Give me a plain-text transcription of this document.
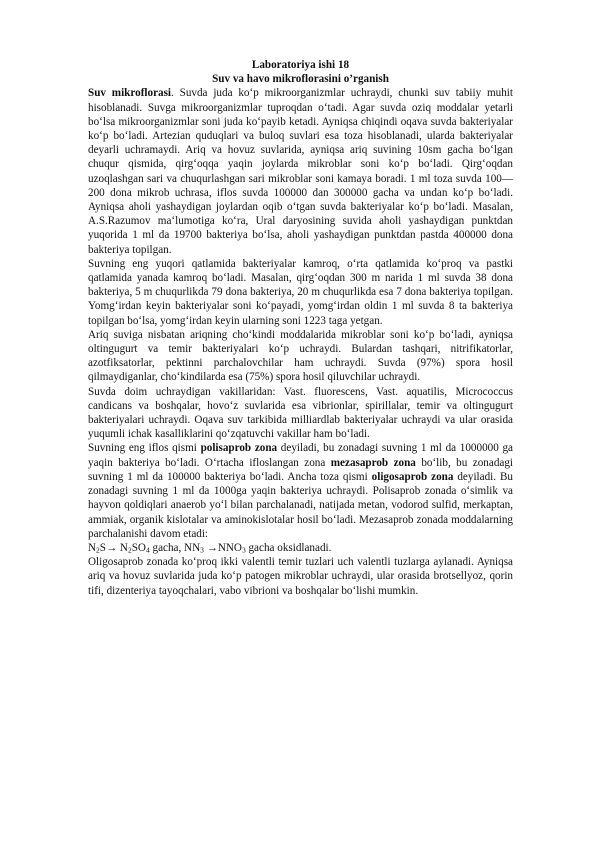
Laboratoriya ishi 18

Suv va havo mikroflorasini o’rganish

Suv mikroflorasi. Suvda juda ko‘p mikroorganizmlar uchraydi, chunki suv tabiiy muhit hisoblanadi. Suvga mikroorganizmlar tuproqdan o‘tadi. Agar suvda oziq moddalar yetarli bo‘lsa mikroorganizmlar soni juda ko‘payib ketadi. Ayniqsa chiqindi oqava suvda bakteriyalar ko‘p bo‘ladi. Artezian quduqlari va buloq suvlari esa toza hisoblanadi, ularda bakteriyalar deyarli uchramaydi. Ariq va hovuz suvlarida, ayniqsa ariq suvining 10sm gacha bo‘lgan chuqur qismida, qirg‘oqqa yaqin joylarda mikroblar soni ko‘p bo‘ladi. Qirg‘oqdan uzoqlashgan sari va chuqurlashgan sari mikroblar soni kamaya boradi. 1 ml toza suvda 100—200 dona mikrob uchrasa, iflos suvda 100000 dan 300000 gacha va undan ko‘p bo‘ladi. Ayniqsa aholi yashaydigan joylardan oqib o‘tgan suvda bakteriyalar ko‘p bo‘ladi. Masalan, A.S.Razumov ma‘lumotiga ko‘ra, Ural daryosining suvida aholi yashaydigan punktdan yuqorida 1 ml da 19700 bakteriya bo‘lsa, aholi yashaydigan punktdan pastda 400000 dona bakteriya topilgan.

Suvning eng yuqori qatlamida bakteriyalar kamroq, o‘rta qatlamida ko‘proq va pastki qatlamida yanada kamroq bo‘ladi. Masalan, qirg‘oqdan 300 m narida 1 ml suvda 38 dona bakteriya, 5 m chuqurlikda 79 dona bakteriya, 20 m chuqurlikda esa 7 dona bakteriya topilgan. Yomg‘irdan keyin bakteriyalar soni ko‘payadi, yomg‘irdan oldin 1 ml suvda 8 ta bakteriya topilgan bo‘lsa, yomg‘irdan keyin ularning soni 1223 taga yetgan.

Ariq suviga nisbatan ariqning cho‘kindi moddalarida mikroblar soni ko‘p bo‘ladi, ayniqsa oltingugurt va temir bakteriyalari ko‘p uchraydi. Bulardan tashqari, nitrifikatorlar, azotfiksatorlar, pektinni parchalovchilar ham uchraydi. Suvda (97%) spora hosil qilmaydiganlar, cho‘kindilarda esa (75%) spora hosil qiluvchilar uchraydi.

Suvda doim uchraydigan vakillaridan: Vast. fluorescens, Vast. aquatilis, Micrococcus candicans va boshqalar, hovo‘z suvlarida esa vibrionlar, spirillalar, temir va oltingugurt bakteriyalari uchraydi. Oqava suv tarkibida milliardlab bakteriyalar uchraydi va ular orasida yuqumli ichak kasalliklarini qo‘zqatuvchi vakillar ham bo‘ladi.

Suvning eng iflos qismi polisaprob zona deyiladi, bu zonadagi suvning 1 ml da 1000000 ga yaqin bakteriya bo‘ladi. O‘rtacha ifloslangan zona mezasaprob zona bo‘lib, bu zonadagi suvning 1 ml da 100000 bakteriya bo‘ladi. Ancha toza qismi oligosaprob zona deyiladi. Bu zonadagi suvning 1 ml da 1000ga yaqin bakteriya uchraydi. Polisaprob zonada o‘simlik va hayvon qoldiqlari anaerob yo‘l bilan parchalanadi, natijada metan, vodorod sulfid, merkaptan, ammiak, organik kislotalar va aminokislotalar hosil bo‘ladi. Mezasaprob zonada moddalarning parchalanishi davom etadi:

$N_2S\to N_2SO_4$ gacha, $NN_3 \to NNO_3$ gacha oksidlanadi.

Oligosaprob zonada ko‘proq ikki valentli temir tuzlari uch valentli tuzlarga aylanadi. Ayniqsa ariq va hovuz suvlarida juda ko‘p patogen mikroblar uchraydi, ular orasida brotsellyoz, qorin tifi, dizenteriya tayoqchalari, vabo vibrioni va boshqalar bo‘lishi mumkin.
